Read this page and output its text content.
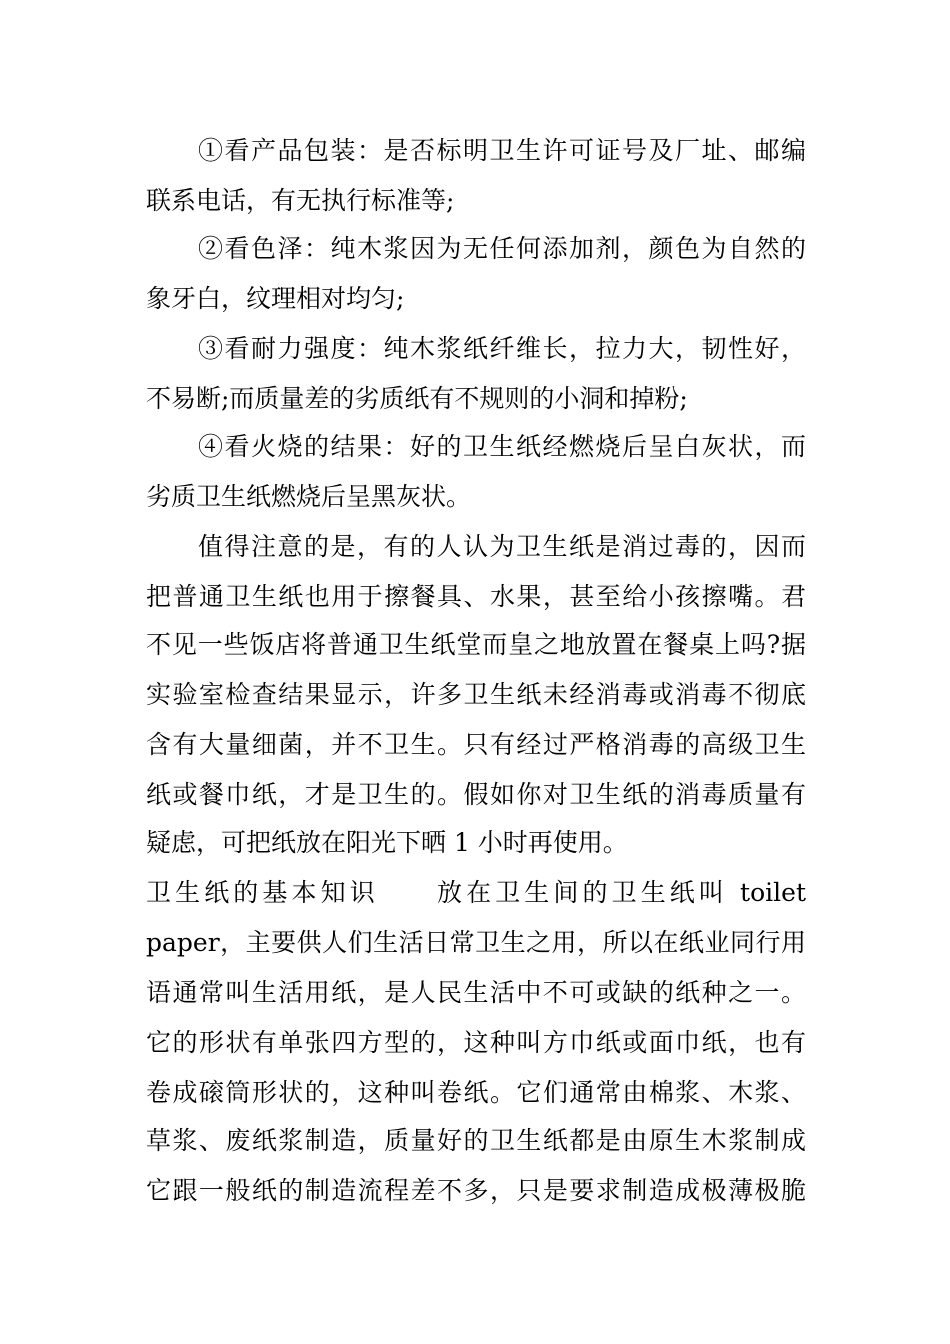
①看产品包装：是否标明卫生许可证号及厂址、邮编
联系电话，有无执行标准等;
②看色泽：纯木浆因为无任何添加剂，颜色为自然的
象牙白，纹理相对均匀;
③看耐力强度：纯木浆纸纤维长，拉力大，韧性好，
不易断;而质量差的劣质纸有不规则的小洞和掉粉;
④看火烧的结果：好的卫生纸经燃烧后呈白灰状，而
劣质卫生纸燃烧后呈黑灰状。
值得注意的是，有的人认为卫生纸是消过毒的，因而
把普通卫生纸也用于擦餐具、水果，甚至给小孩擦嘴。君
不见一些饭店将普通卫生纸堂而皇之地放置在餐桌上吗?据
实验室检查结果显示，许多卫生纸未经消毒或消毒不彻底
含有大量细菌，并不卫生。只有经过严格消毒的高级卫生
纸或餐巾纸，才是卫生的。假如你对卫生纸的消毒质量有
疑虑，可把纸放在阳光下晒 1 小时再使用。
卫生纸的基本知识　　放在卫生间的卫生纸叫 toilet
paper，主要供人们生活日常卫生之用，所以在纸业同行用
语通常叫生活用纸，是人民生活中不可或缺的纸种之一。
它的形状有单张四方型的，这种叫方巾纸或面巾纸，也有
卷成磙筒形状的，这种叫卷纸。它们通常由棉浆、木浆、
草浆、废纸浆制造，质量好的卫生纸都是由原生木浆制成
它跟一般纸的制造流程差不多，只是要求制造成极薄极脆
